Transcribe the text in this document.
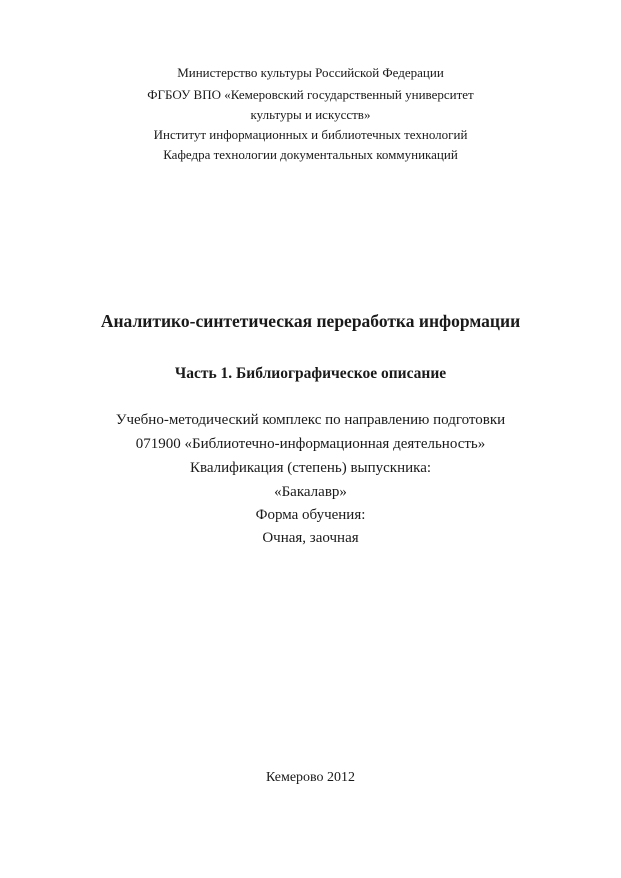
Министерство культуры Российской Федерации
ФГБОУ ВПО «Кемеровский государственный университет
культуры и искусств»
Институт информационных и библиотечных технологий
Кафедра технологии документальных коммуникаций
Аналитико-синтетическая переработка информации
Часть 1. Библиографическое описание
Учебно-методический комплекс по направлению подготовки
071900 «Библиотечно-информационная деятельность»
Квалификация (степень) выпускника:
«Бакалавр»
Форма обучения:
Очная, заочная
Кемерово 2012
